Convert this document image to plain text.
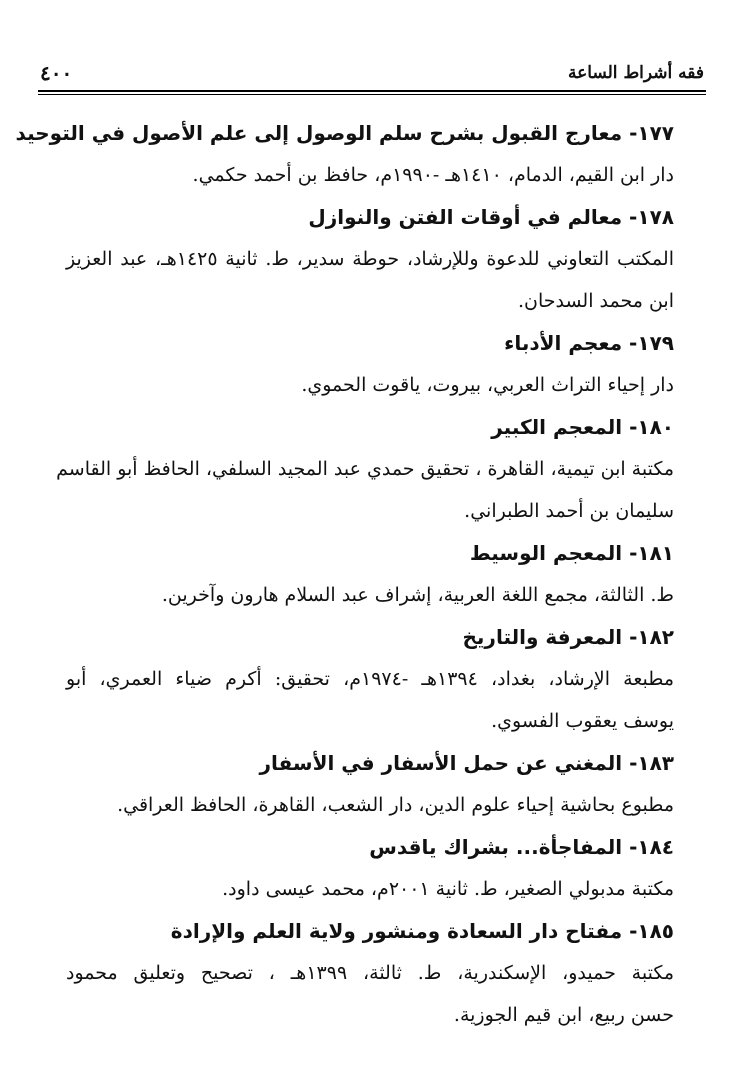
فقه أشراط الساعة
٤٠٠
١٧٧- معارج القبول بشرح سلم الوصول إلى علم الأصول في التوحيد
دار ابن القيم، الدمام، ١٤١٠هـ -١٩٩٠م، حافظ بن أحمد حكمي.
١٧٨- معالم في أوقات الفتن والنوازل
المكتب التعاوني للدعوة وللإرشاد، حوطة سدير، ط. ثانية ١٤٢٥هـ، عبد العزيز
ابن محمد السدحان.
١٧٩- معجم الأدباء
دار إحياء التراث العربي، بيروت، ياقوت الحموي.
١٨٠- المعجم الكبير
مكتبة ابن تيمية، القاهرة ، تحقيق حمدي عبد المجيد السلفي، الحافظ أبو القاسم
سليمان بن أحمد الطبراني.
١٨١- المعجم الوسيط
ط. الثالثة، مجمع اللغة العربية، إشراف عبد السلام هارون وآخرين.
١٨٢- المعرفة والتاريخ
مطبعة الإرشاد، بغداد، ١٣٩٤هـ -١٩٧٤م، تحقيق: أكرم ضياء العمري، أبو
يوسف يعقوب الفسوي.
١٨٣- المغني عن حمل الأسفار في الأسفار
مطبوع بحاشية إحياء علوم الدين، دار الشعب، القاهرة، الحافظ العراقي.
١٨٤- المفاجأة... بشراك ياقدس
مكتبة مدبولي الصغير، ط. ثانية ٢٠٠١م، محمد عيسى داود.
١٨٥- مفتاح دار السعادة ومنشور ولاية العلم والإرادة
مكتبة حميدو، الإسكندرية، ط. ثالثة، ١٣٩٩هـ ، تصحيح وتعليق محمود
حسن ربيع، ابن قيم الجوزية.
